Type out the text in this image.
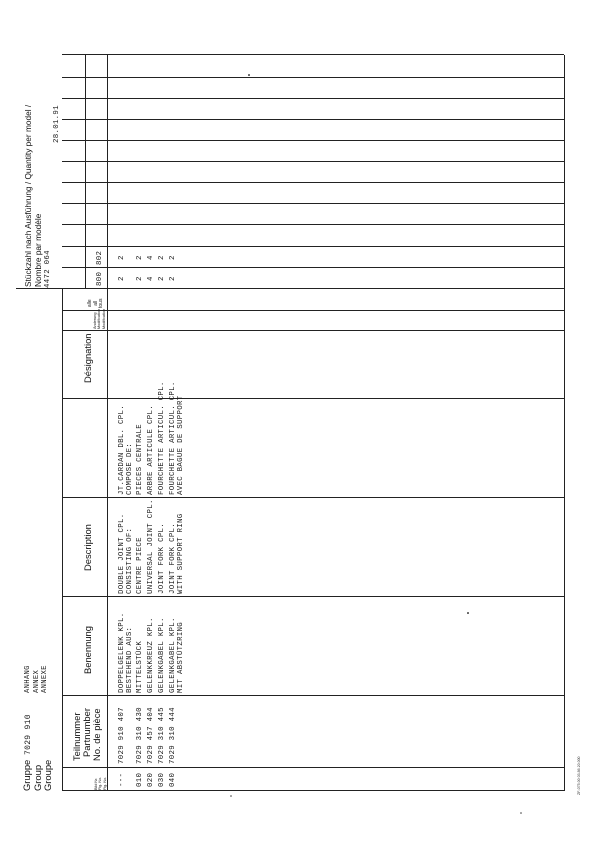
Gruppe Group Groupe
7029 910
ANHANG ANNEX ANNEXE
Stückzahl nach Ausführung / Quantity per model / Nombre par modèle 4472 064
28.01.91
Bild Nr. Fig. No. Fig. No.
Teilnummer Partnumber No. de pièce
Benennung
Description
Désignation
Änderung Modification Modification
alle all tous
800
802
---
7029 910 407
DOPPELGELENK KPL. BESTEHEND AUS:
DOUBLE JOINT CPL. CONSISTING OF:
JT.CARDAN DBL. CPL. COMPOSE DE:
2
2
010
7029 310 430
MITTELSTÜCK
CENTRE PIECE
PIECES CENTRALE
2
2
020
7029 457 404
GELENKKREUZ KPL.
UNIVERSAL JOINT CPL.
ARBRE ARTICULE CPL.
4
4
030
7029 310 445
GELENKGABEL KPL.
JOINT FORK CPL.
FOURCHETTE ARTICUL. CPL.
2
2
040
7029 310 444
GELENKGABEL KPL. MIT ABSTÜTZRING
JOINT FORK CPL. WITH SUPPORT RING
FOURCHETTE ARTICUL. CPL. AVEC BAGUE DE SUPPORT
2
2
ZF-075.00 03.86 20.000
